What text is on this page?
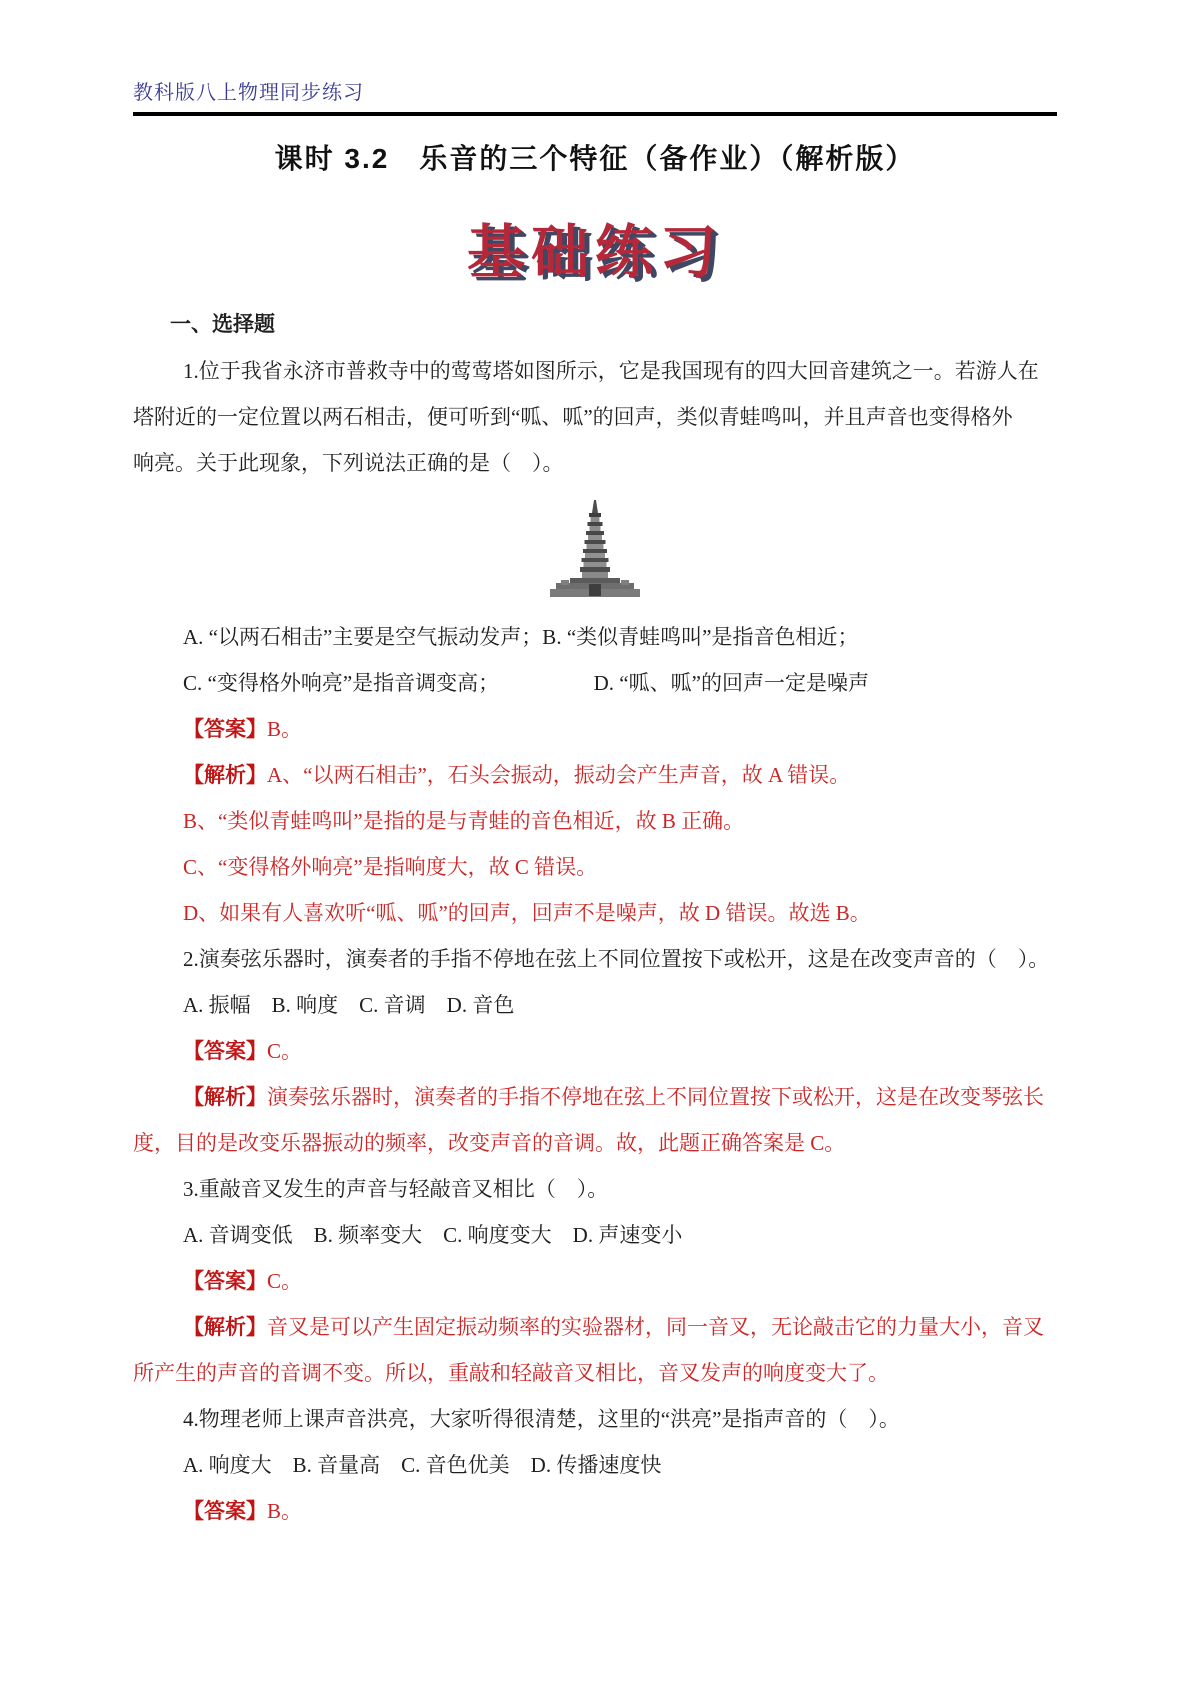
教科版八上物理同步练习
课时 3.2　乐音的三个特征（备作业）（解析版）
基础练习
一、选择题
1.位于我省永济市普救寺中的莺莺塔如图所示，它是我国现有的四大回音建筑之一。若游人在
塔附近的一定位置以两石相击，便可听到“呱、呱”的回声，类似青蛙鸣叫，并且声音也变得格外
响亮。关于此现象，下列说法正确的是（　）。
A. “以两石相击”主要是空气振动发声；B. “类似青蛙鸣叫”是指音色相近；
C. “变得格外响亮”是指音调变高；　　　　　D. “呱、呱”的回声一定是噪声
【答案】B。
【解析】A、“以两石相击”，石头会振动，振动会产生声音，故 A 错误。
B、“类似青蛙鸣叫”是指的是与青蛙的音色相近，故 B 正确。
C、“变得格外响亮”是指响度大，故 C 错误。
D、如果有人喜欢听“呱、呱”的回声，回声不是噪声，故 D 错误。故选 B。
2.演奏弦乐器时，演奏者的手指不停地在弦上不同位置按下或松开，这是在改变声音的（　）。
A. 振幅　B. 响度　C. 音调　D. 音色
【答案】C。
【解析】演奏弦乐器时，演奏者的手指不停地在弦上不同位置按下或松开，这是在改变琴弦长
度，目的是改变乐器振动的频率，改变声音的音调。故，此题正确答案是 C。
3.重敲音叉发生的声音与轻敲音叉相比（　）。
A. 音调变低　B. 频率变大　C. 响度变大　D. 声速变小
【答案】C。
【解析】音叉是可以产生固定振动频率的实验器材，同一音叉，无论敲击它的力量大小，音叉
所产生的声音的音调不变。所以，重敲和轻敲音叉相比，音叉发声的响度变大了。
4.物理老师上课声音洪亮，大家听得很清楚，这里的“洪亮”是指声音的（　）。
A. 响度大　B. 音量高　C. 音色优美　D. 传播速度快
【答案】B。
